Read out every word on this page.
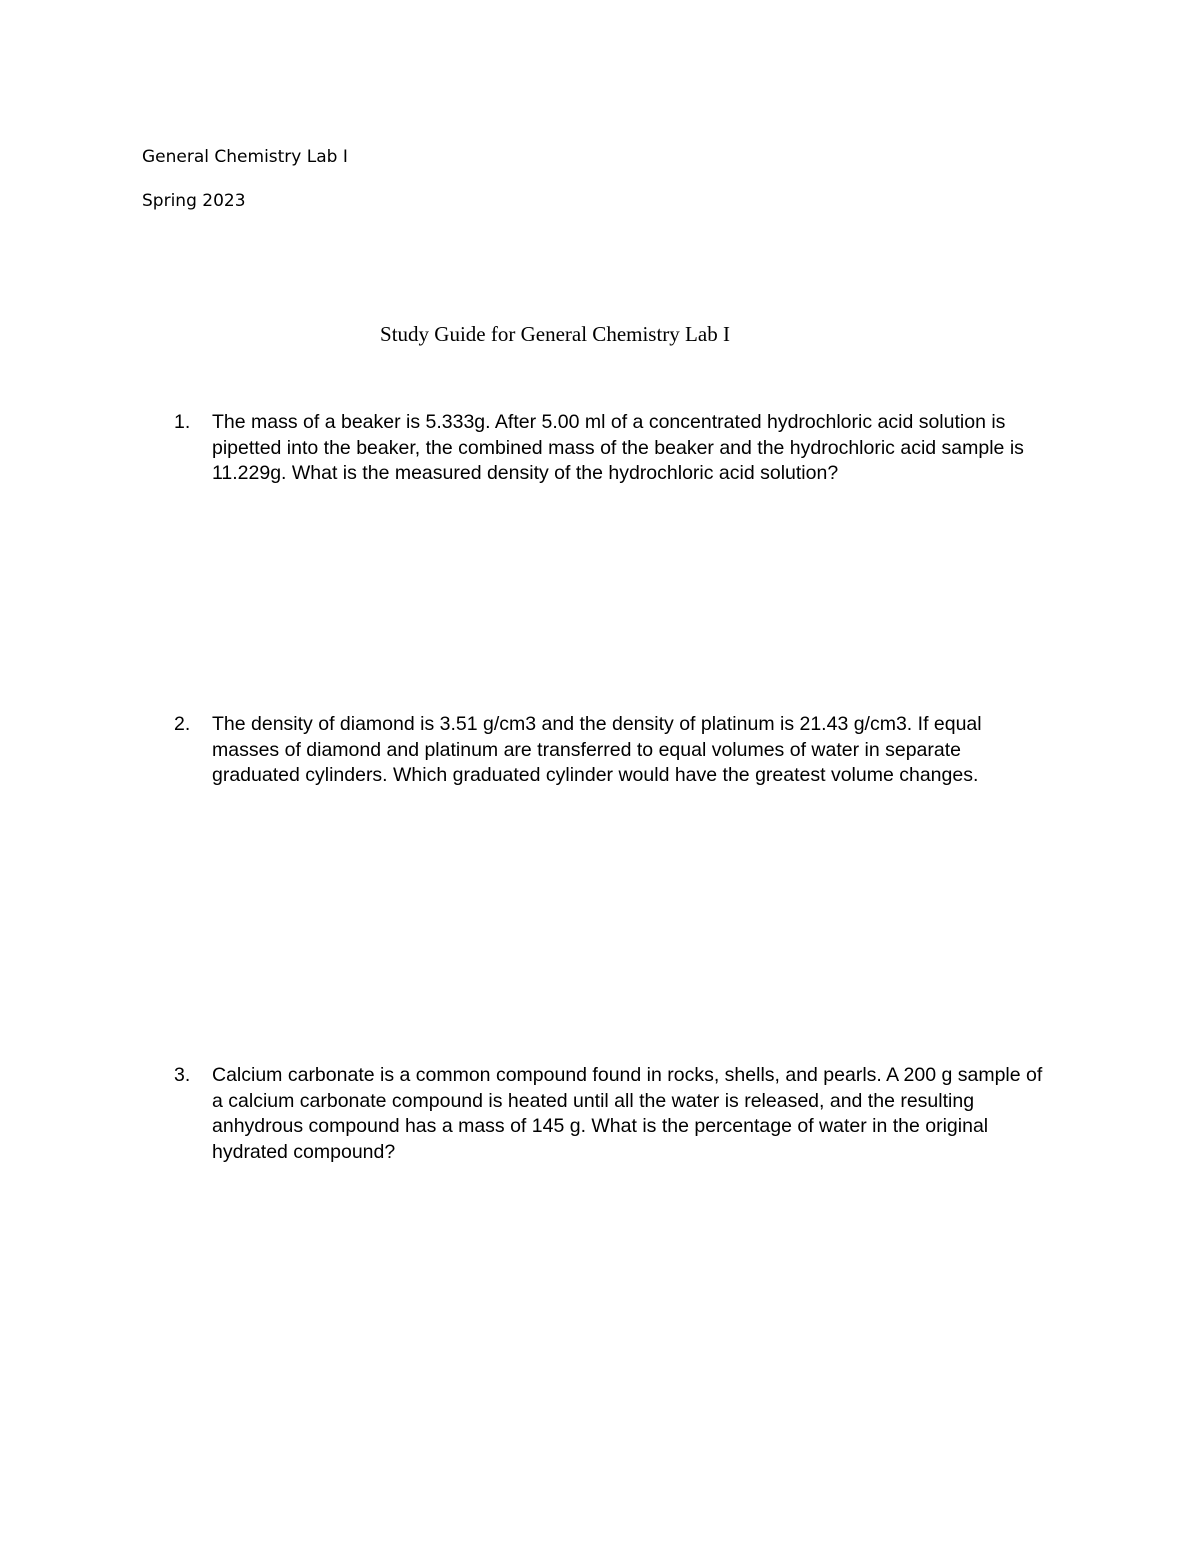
General Chemistry Lab I
Spring 2023
Study Guide for General Chemistry Lab I
1.	The mass of a beaker is 5.333g. After 5.00 ml of a concentrated hydrochloric acid solution is pipetted into the beaker, the combined mass of the beaker and the hydrochloric acid sample is 11.229g. What is the measured density of the hydrochloric acid solution?
2.	The density of diamond is 3.51 g/cm3 and the density of platinum is 21.43 g/cm3. If equal masses of diamond and platinum are transferred to equal volumes of water in separate graduated cylinders. Which graduated cylinder would have the greatest volume changes.
3.	Calcium carbonate is a common compound found in rocks, shells, and pearls. A 200 g sample of a calcium carbonate compound is heated until all the water is released, and the resulting anhydrous compound has a mass of 145 g. What is the percentage of water in the original hydrated compound?
